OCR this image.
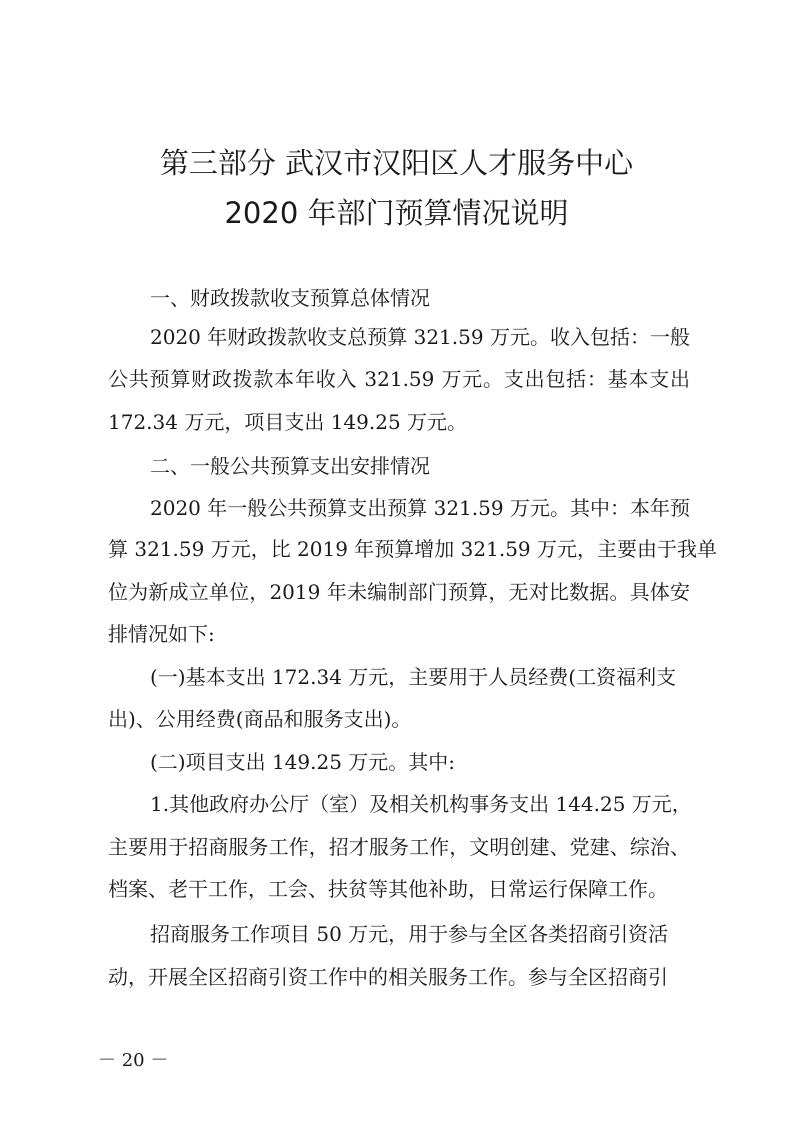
第三部分 武汉市汉阳区人才服务中心
2020 年部门预算情况说明
一、财政拨款收支预算总体情况
2020 年财政拨款收支总预算 321.59 万元。收入包括：一般
公共预算财政拨款本年收入 321.59 万元。支出包括：基本支出
172.34 万元，项目支出 149.25 万元。
二、一般公共预算支出安排情况
2020 年一般公共预算支出预算 321.59 万元。其中：本年预
算 321.59 万元，比 2019 年预算增加 321.59 万元，主要由于我单
位为新成立单位，2019 年未编制部门预算，无对比数据。具体安
排情况如下:
(一)基本支出 172.34 万元，主要用于人员经费(工资福利支
出)、公用经费(商品和服务支出)。
(二)项目支出 149.25 万元。其中:
1.其他政府办公厅（室）及相关机构事务支出 144.25 万元，
主要用于招商服务工作，招才服务工作，文明创建、党建、综治、
档案、老干工作，工会、扶贫等其他补助，日常运行保障工作。
招商服务工作项目 50 万元，用于参与全区各类招商引资活
动，开展全区招商引资工作中的相关服务工作。参与全区招商引
－ 20 －
